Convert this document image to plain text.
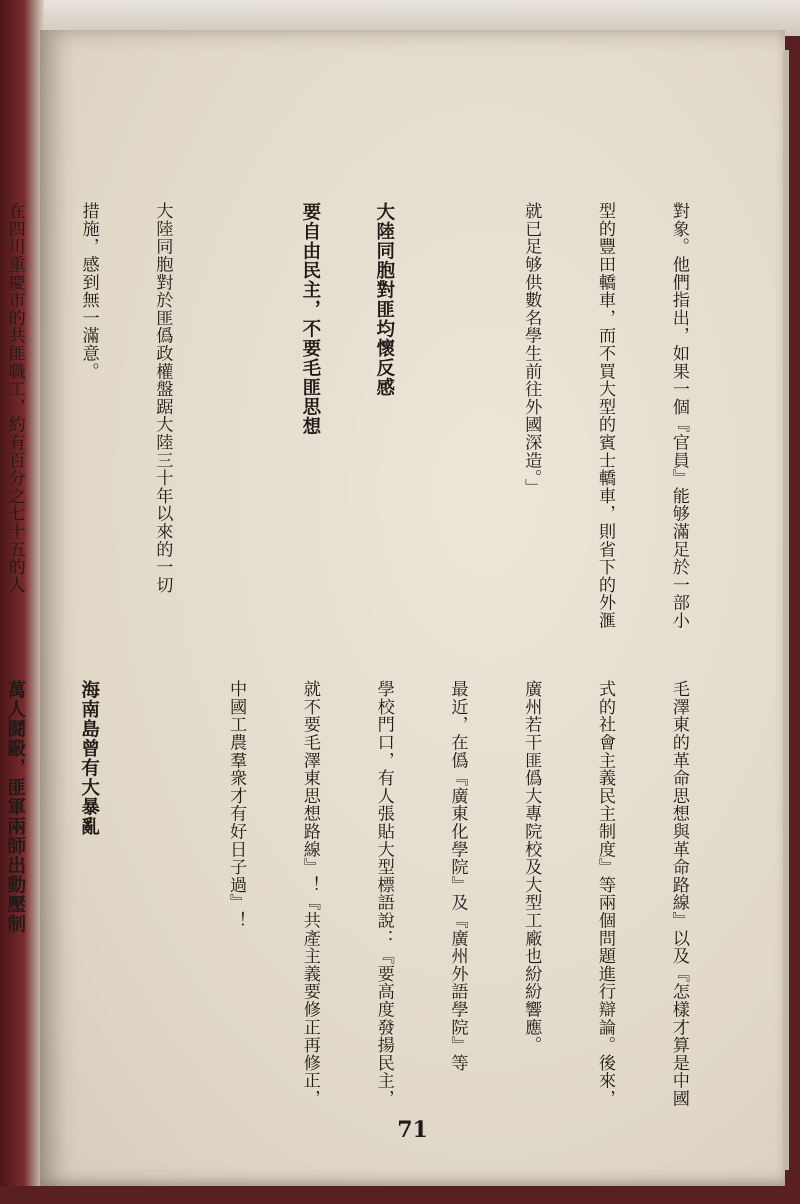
對象。他們指出，如果一個『官員』能够滿足於一部小

型的豐田轎車，而不買大型的賓士轎車，則省下的外滙

就已足够供數名學生前往外國深造。」

大陸同胞對匪均懷反感

要自由民主，不要毛匪思想

大陸同胞對於匪僞政權盤踞大陸三十年以來的一切

措施，感到無一滿意。

在四川重慶市的共匪職工，約有百分之七十五的人

毛澤東的革命思想與革命路線』以及『怎樣才算是中國

式的社會主義民主制度』等兩個問題進行辯論。後來，

廣州若干匪僞大專院校及大型工廠也紛紛響應。

最近，在僞『廣東化學院』及『廣州外語學院』等

學校門口，有人張貼大型標語說：『要高度發揚民主，

就不要毛澤東思想路線』！『共產主義要修正再修正，

中國工農羣衆才有好日子過』！

海南島曾有大暴亂

萬人鬪毆，匪軍兩師出動壓制

71
